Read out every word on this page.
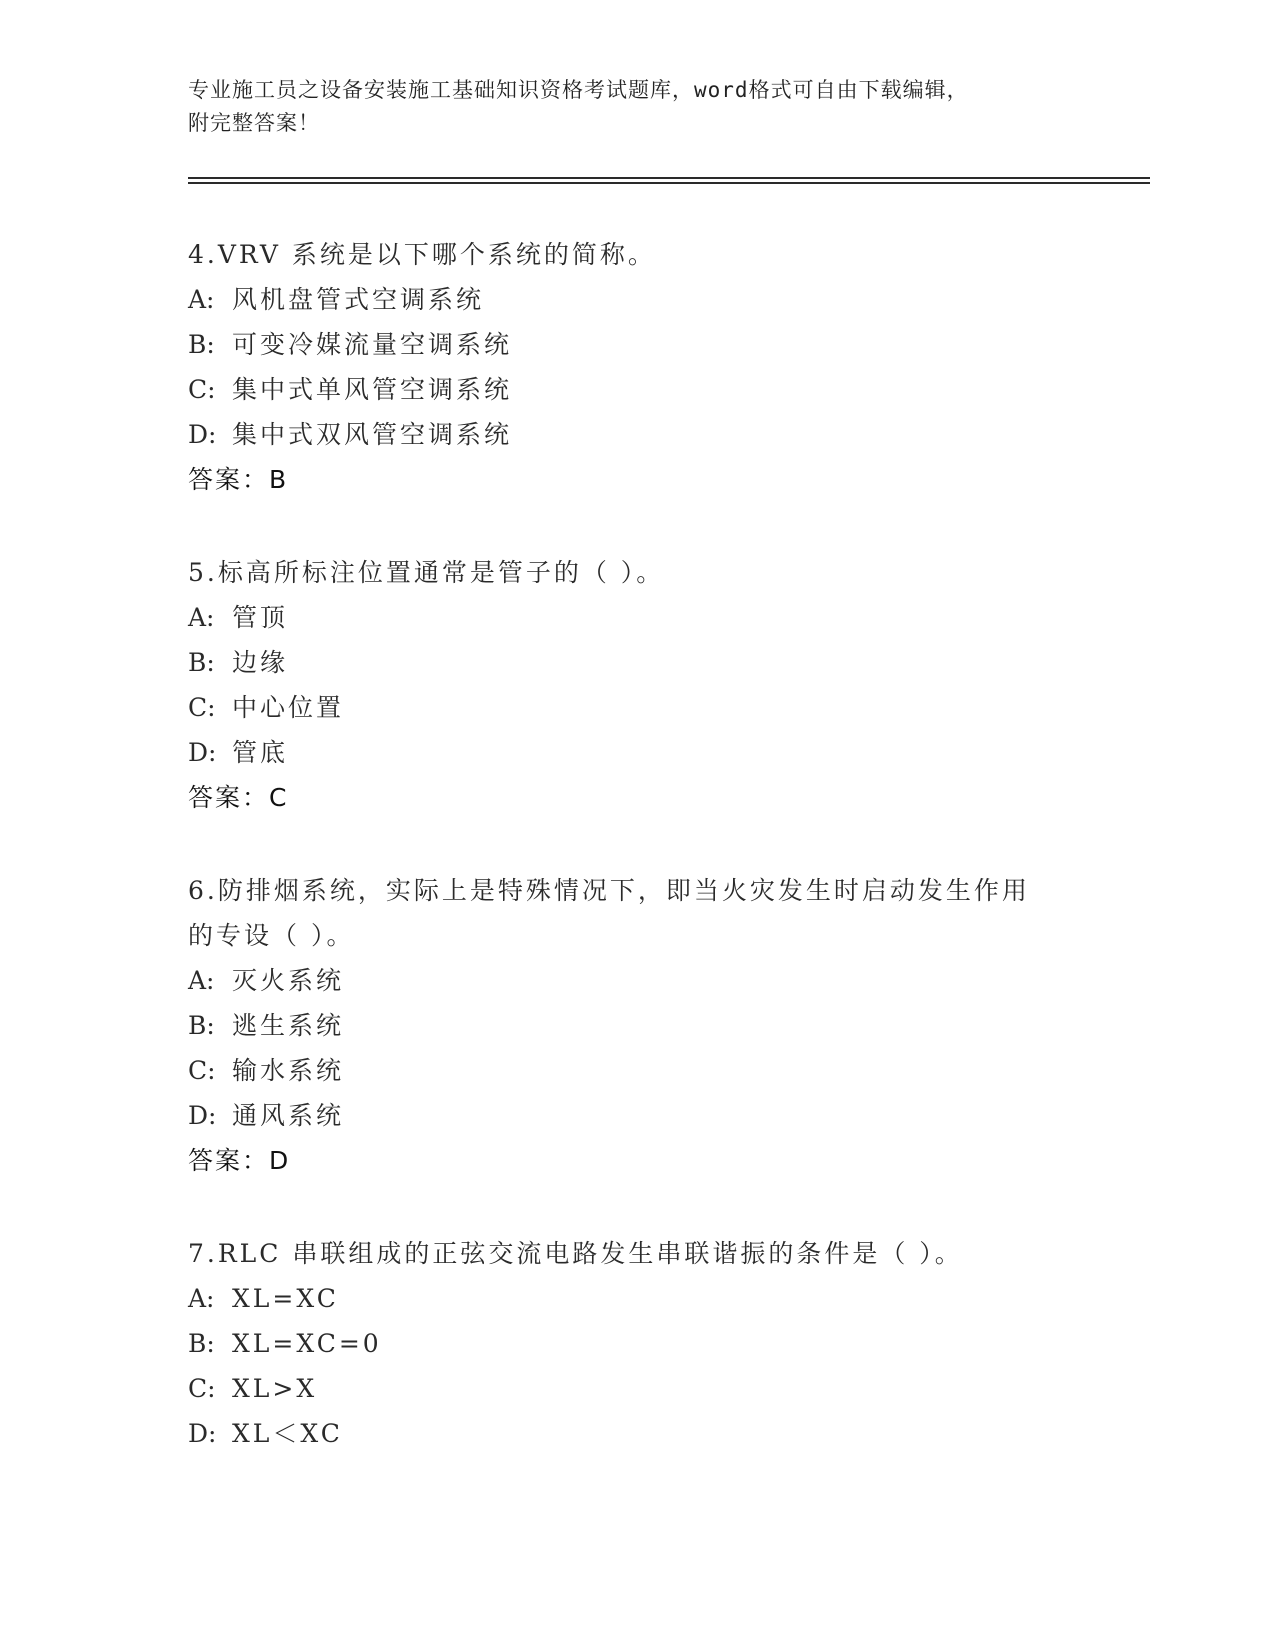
专业施工员之设备安装施工基础知识资格考试题库，word格式可自由下载编辑，
附完整答案！
4.VRV 系统是以下哪个系统的简称。
A: 风机盘管式空调系统
B: 可变冷媒流量空调系统
C: 集中式单风管空调系统
D: 集中式双风管空调系统
答案：B
5.标高所标注位置通常是管子的（ ）。
A: 管顶
B: 边缘
C: 中心位置
D: 管底
答案：C
6.防排烟系统，实际上是特殊情况下，即当火灾发生时启动发生作用的专设（ ）。
A: 灭火系统
B: 逃生系统
C: 输水系统
D: 通风系统
答案：D
7.RLC 串联组成的正弦交流电路发生串联谐振的条件是（ ）。
A: XL=XC
B: XL=XC=0
C: XL>X
D: XL＜XC
